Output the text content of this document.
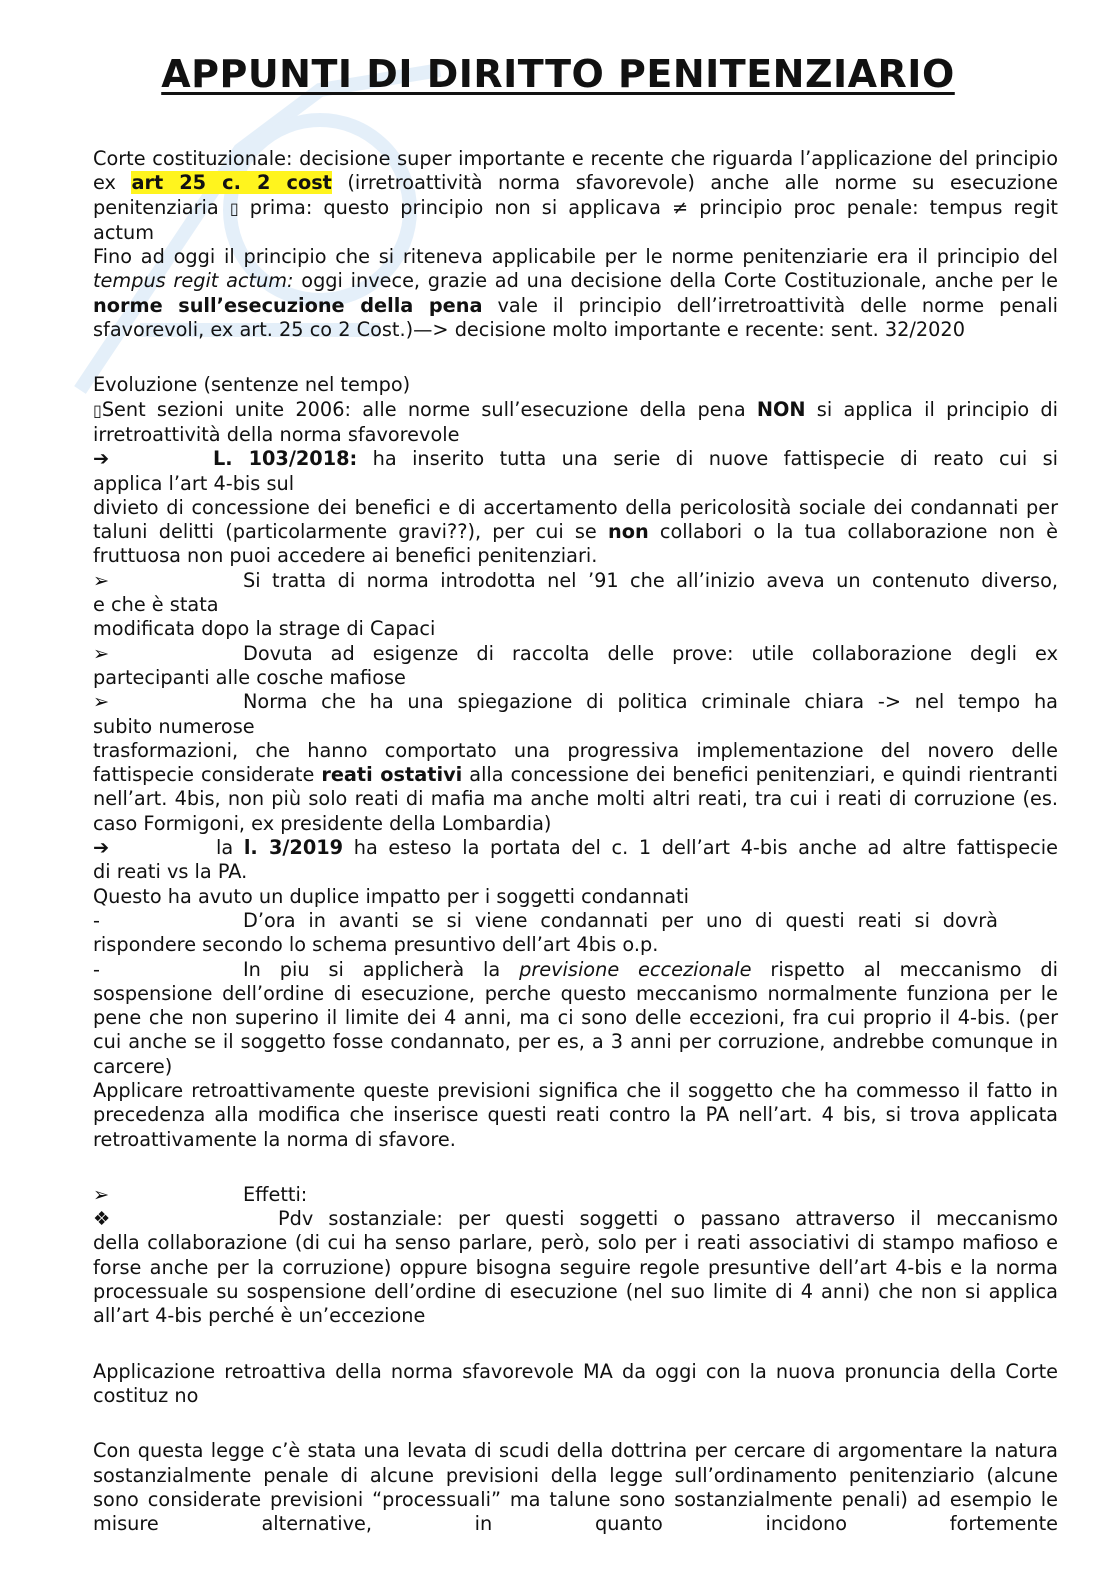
APPUNTI DI DIRITTO PENITENZIARIO

Corte costituzionale: decisione super importante e recente che riguarda l’applicazione del principio ex art 25 c. 2 cost (irretroattività norma sfavorevole) anche alle norme su esecuzione penitenziaria ▯ prima: questo principio non si applicava ≠ principio proc penale: tempus regit actum

Fino ad oggi il principio che si riteneva applicabile per le norme penitenziarie era il principio del tempus regit actum: oggi invece, grazie ad una decisione della Corte Costituzionale, anche per le norme sull’esecuzione della pena vale il principio dell’irretroattività delle norme penali sfavorevoli, ex art. 25 co 2 Cost.)—> decisione molto importante e recente: sent. 32/2020

Evoluzione (sentenze nel tempo)

▯Sent sezioni unite 2006: alle norme sull’esecuzione della pena NON si applica il principio di irretroattività della norma sfavorevole

➔	L. 103/2018: ha inserito tutta una serie di nuove fattispecie di reato cui si

applica l’art 4-bis sul

divieto di concessione dei benefici e di accertamento della pericolosità sociale dei condannati per taluni delitti (particolarmente gravi??), per cui se non collabori o la tua collaborazione non è fruttuosa non puoi accedere ai benefici penitenziari.

➢	Si tratta di norma introdotta nel ’91 che all’inizio aveva un contenuto diverso,

e che è stata

modificata dopo la strage di Capaci

➢	Dovuta ad esigenze di raccolta delle prove: utile collaborazione degli ex

partecipanti alle cosche mafiose

➢	Norma che ha una spiegazione di politica criminale chiara -> nel tempo ha

subito numerose

trasformazioni, che hanno comportato una progressiva implementazione del novero delle fattispecie considerate reati ostativi alla concessione dei benefici penitenziari, e quindi rientranti nell’art. 4bis, non più solo reati di mafia ma anche molti altri reati, tra cui i reati di corruzione (es. caso Formigoni, ex presidente della Lombardia)

➔	la l. 3/2019 ha esteso la portata del c. 1 dell’art 4-bis anche ad altre fattispecie

di reati vs la PA.

Questo ha avuto un duplice impatto per i soggetti condannati

-	D’ora in avanti se si viene condannati per uno di questi reati si dovrà

rispondere secondo lo schema presuntivo dell’art 4bis o.p.

-	In piu si applicherà la previsione eccezionale rispetto al meccanismo di

sospensione dell’ordine di esecuzione, perche questo meccanismo normalmente funziona per le pene che non superino il limite dei 4 anni, ma ci sono delle eccezioni, fra cui proprio il 4-bis. (per cui anche se il soggetto fosse condannato, per es, a 3 anni per corruzione, andrebbe comunque in carcere)

Applicare retroattivamente queste previsioni significa che il soggetto che ha commesso il fatto in precedenza alla modifica che inserisce questi reati contro la PA nell’art. 4 bis, si trova applicata retroattivamente la norma di sfavore.

➢	Effetti:
❖	Pdv sostanziale: per questi soggetti o passano attraverso il meccanismo

della collaborazione (di cui ha senso parlare, però, solo per i reati associativi di stampo mafioso e forse anche per la corruzione) oppure bisogna seguire regole presuntive dell’art 4-bis e la norma processuale su sospensione dell’ordine di esecuzione (nel suo limite di 4 anni) che non si applica all’art 4-bis perché è un’eccezione

Applicazione retroattiva della norma sfavorevole MA da oggi con la nuova pronuncia della Corte costituz no

Con questa legge c’è stata una levata di scudi della dottrina per cercare di argomentare la natura sostanzialmente penale di alcune previsioni della legge sull’ordinamento penitenziario (alcune sono considerate previsioni “processuali” ma talune sono sostanzialmente penali) ad esempio le misure alternative, in quanto incidono fortemente
